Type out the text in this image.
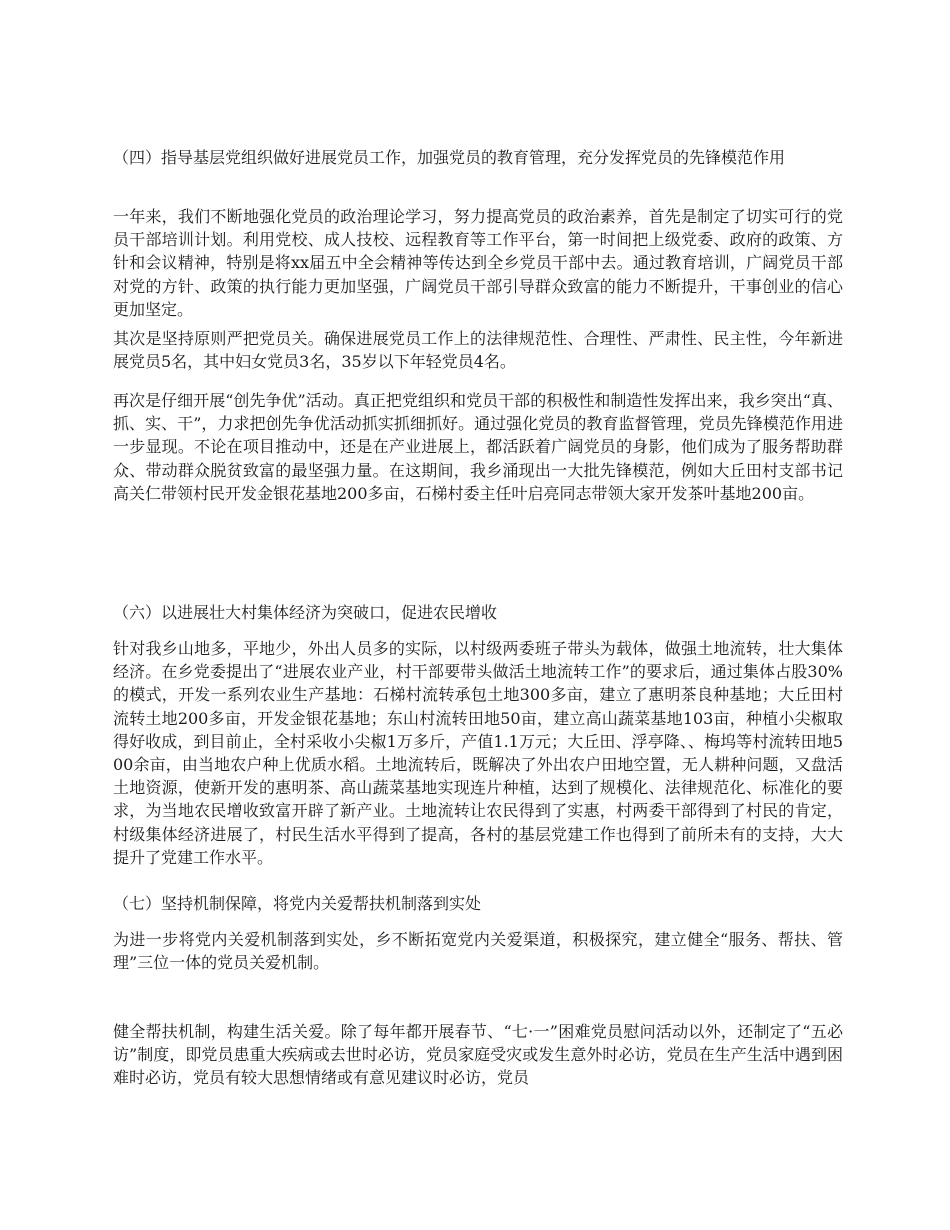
（四）指导基层党组织做好进展党员工作，加强党员的教育管理，充分发挥党员的先锋模范作用

一年来，我们不断地强化党员的政治理论学习，努力提高党员的政治素养，首先是制定了切实可行的党员干部培训计划。利用党校、成人技校、远程教育等工作平台，第一时间把上级党委、政府的政策、方针和会议精神，特别是将xx届五中全会精神等传达到全乡党员干部中去。通过教育培训，广阔党员干部对党的方针、政策的执行能力更加坚强，广阔党员干部引导群众致富的能力不断提升，干事创业的信心更加坚定。

其次是坚持原则严把党员关。确保进展党员工作上的法律规范性、合理性、严肃性、民主性，今年新进展党员5名，其中妇女党员3名，35岁以下年轻党员4名。

再次是仔细开展“创先争优”活动。真正把党组织和党员干部的积极性和制造性发挥出来，我乡突出“真、抓、实、干”，力求把创先争优活动抓实抓细抓好。通过强化党员的教育监督管理，党员先锋模范作用进一步显现。不论在项目推动中，还是在产业进展上，都活跃着广阔党员的身影，他们成为了服务帮助群众、带动群众脱贫致富的最坚强力量。在这期间，我乡涌现出一大批先锋模范，例如大丘田村支部书记高关仁带领村民开发金银花基地200多亩，石梯村委主任叶启亮同志带领大家开发茶叶基地200亩。

（六）以进展壮大村集体经济为突破口，促进农民增收

针对我乡山地多，平地少，外出人员多的实际，以村级两委班子带头为载体，做强土地流转，壮大集体经济。在乡党委提出了“进展农业产业，村干部要带头做活土地流转工作”的要求后，通过集体占股30%的模式，开发一系列农业生产基地：石梯村流转承包土地300多亩，建立了惠明茶良种基地；大丘田村流转土地200多亩，开发金银花基地；东山村流转田地50亩，建立高山蔬菜基地103亩，种植小尖椒取得好收成，到目前止，全村采收小尖椒1万多斤，产值1.1万元；大丘田、浮亭降、、梅坞等村流转田地500余亩，由当地农户种上优质水稻。土地流转后，既解决了外出农户田地空置，无人耕种问题，又盘活土地资源，使新开发的惠明茶、高山蔬菜基地实现连片种植，达到了规模化、法律规范化、标准化的要求，为当地农民增收致富开辟了新产业。土地流转让农民得到了实惠，村两委干部得到了村民的肯定，村级集体经济进展了，村民生活水平得到了提高，各村的基层党建工作也得到了前所未有的支持，大大提升了党建工作水平。

（七）坚持机制保障，将党内关爱帮扶机制落到实处

为进一步将党内关爱机制落到实处，乡不断拓宽党内关爱渠道，积极探究，建立健全“服务、帮扶、管理”三位一体的党员关爱机制。

健全帮扶机制，构建生活关爱。除了每年都开展春节、“七·一”困难党员慰问活动以外，还制定了“五必访”制度，即党员患重大疾病或去世时必访，党员家庭受灾或发生意外时必访，党员在生产生活中遇到困难时必访，党员有较大思想情绪或有意见建议时必访，党员
